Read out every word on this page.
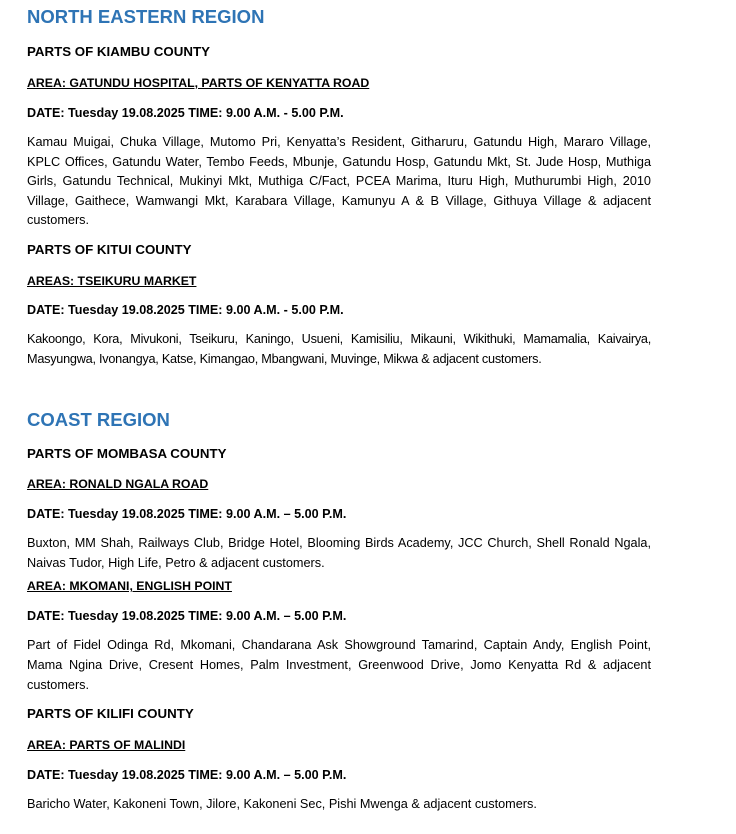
NORTH EASTERN REGION
PARTS OF KIAMBU COUNTY

AREA: GATUNDU HOSPITAL, PARTS OF KENYATTA ROAD

DATE: Tuesday 19.08.2025 TIME: 9.00 A.M. - 5.00 P.M.

Kamau Muigai, Chuka Village, Mutomo Pri, Kenyatta’s Resident, Githaruru, Gatundu High, Mararo Village, KPLC Offices, Gatundu Water, Tembo Feeds, Mbunje, Gatundu Hosp, Gatundu Mkt, St. Jude Hosp, Muthiga Girls, Gatundu Technical, Mukinyi Mkt, Muthiga C/Fact, PCEA Marima, Ituru High, Muthurumbi High, 2010 Village, Gaithece, Wamwangi Mkt, Karabara Village, Kamunyu A & B Village, Githuya Village & adjacent customers.

PARTS OF KITUI COUNTY

AREAS: TSEIKURU MARKET

DATE: Tuesday 19.08.2025 TIME: 9.00 A.M. - 5.00 P.M.

Kakoongo, Kora, Mivukoni, Tseikuru, Kaningo, Usueni, Kamisiliu, Mikauni, Wikithuki, Mamamalia, Kaivairya, Masyungwa, Ivonangya, Katse, Kimangao, Mbangwani, Muvinge, Mikwa & adjacent customers.

COAST REGION
PARTS OF MOMBASA COUNTY

AREA: RONALD NGALA ROAD

DATE: Tuesday 19.08.2025 TIME: 9.00 A.M. – 5.00 P.M.

Buxton, MM Shah, Railways Club, Bridge Hotel, Blooming Birds Academy, JCC Church, Shell Ronald Ngala, Naivas Tudor, High Life, Petro & adjacent customers.

AREA: MKOMANI, ENGLISH POINT

DATE: Tuesday 19.08.2025 TIME: 9.00 A.M. – 5.00 P.M.

Part of Fidel Odinga Rd, Mkomani, Chandarana Ask Showground Tamarind, Captain Andy, English Point, Mama Ngina Drive, Cresent Homes, Palm Investment, Greenwood Drive, Jomo Kenyatta Rd & adjacent customers.

PARTS OF KILIFI COUNTY

AREA: PARTS OF MALINDI

DATE: Tuesday 19.08.2025 TIME: 9.00 A.M. – 5.00 P.M.

Baricho Water, Kakoneni Town, Jilore, Kakoneni Sec, Pishi Mwenga & adjacent customers.
